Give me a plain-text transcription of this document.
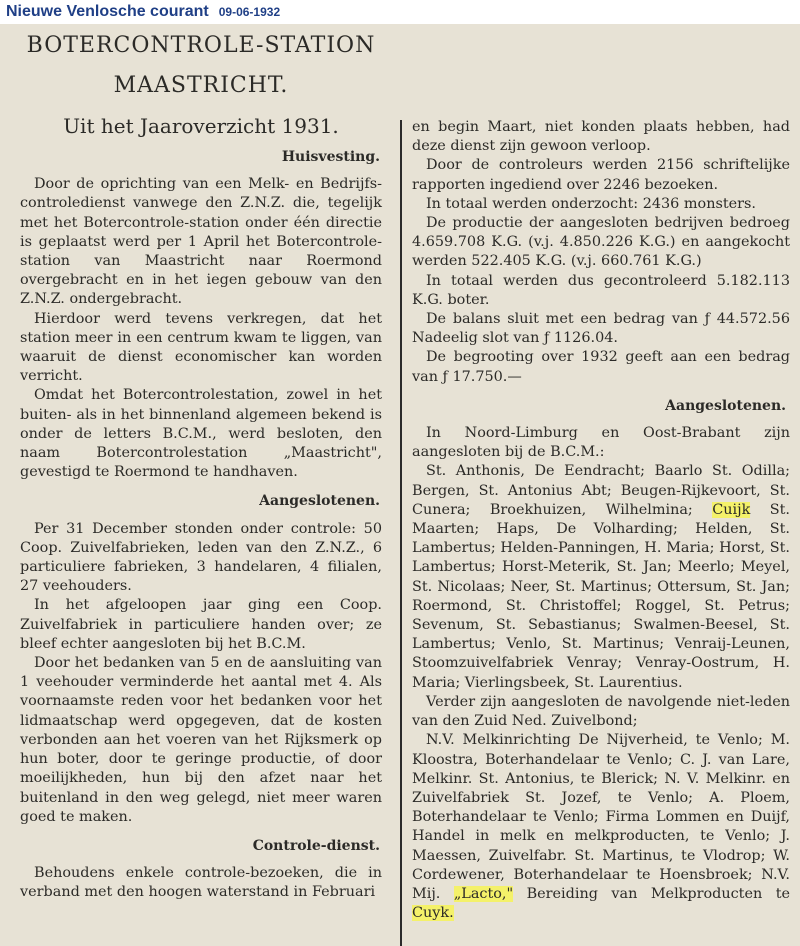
Nieuwe Venlosche courant 09-06-1932
BOTERCONTROLE-STATION
MAASTRICHT.
Uit het Jaaroverzicht 1931.
Huisvesting.

Door de oprichting van een Melk- en Bedrijfs-controledienst vanwege den Z.N.Z. die, tegelijk met het Botercontrole-station onder één directie is geplaatst werd per 1 April het Botercontrole-station van Maastricht naar Roermond overgebracht en in het iegen gebouw van den Z.N.Z. ondergebracht.

Hierdoor werd tevens verkregen, dat het station meer in een centrum kwam te liggen, van waaruit de dienst economischer kan worden verricht.

Omdat het Botercontrolestation, zowel in het buiten- als in het binnenland algemeen bekend is onder de letters B.C.M., werd besloten, den naam Botercontrolestation „Maastricht", gevestigd te Roermond te handhaven.

Aangeslotenen.

Per 31 December stonden onder controle: 50 Coop. Zuivelfabrieken, leden van den Z.N.Z., 6 particuliere fabrieken, 3 handelaren, 4 filialen, 27 veehouders.

In het afgeloopen jaar ging een Coop. Zuivelfabriek in particuliere handen over; ze bleef echter aangesloten bij het B.C.M.

Door het bedanken van 5 en de aansluiting van 1 veehouder verminderde het aantal met 4. Als voornaamste reden voor het bedanken voor het lidmaatschap werd opgegeven, dat de kosten verbonden aan het voeren van het Rijksmerk op hun boter, door te geringe productie, of door moeilijkheden, hun bij den afzet naar het buitenland in den weg gelegd, niet meer waren goed te maken.

Controle-dienst.

Behoudens enkele controle-bezoeken, die in verband met den hoogen waterstand in Februari

en begin Maart, niet konden plaats hebben, had deze dienst zijn gewoon verloop.

Door de controleurs werden 2156 schriftelijke rapporten ingediend over 2246 bezoeken.

In totaal werden onderzocht: 2436 monsters.

De productie der aangesloten bedrijven bedroeg 4.659.708 K.G. (v.j. 4.850.226 K.G.) en aangekocht werden 522.405 K.G. (v.j. 660.761 K.G.)

In totaal werden dus gecontroleerd 5.182.113 K.G. boter.

De balans sluit met een bedrag van ƒ 44.572.56 Nadeelig slot van ƒ 1126.04.

De begrooting over 1932 geeft aan een bedrag van ƒ 17.750.—

Aangeslotenen.

In Noord-Limburg en Oost-Brabant zijn aangesloten bij de B.C.M.:

St. Anthonis, De Eendracht; Baarlo St. Odilla; Bergen, St. Antonius Abt; Beugen-Rijkevoort, St. Cunera; Broekhuizen, Wilhelmina; Cuijk St. Maarten; Haps, De Volharding; Helden, St. Lambertus; Helden-Panningen, H. Maria; Horst, St. Lambertus; Horst-Meterik, St. Jan; Meerlo; Meyel, St. Nicolaas; Neer, St. Martinus; Ottersum, St. Jan; Roermond, St. Christoffel; Roggel, St. Petrus; Sevenum, St. Sebastianus; Swalmen-Beesel, St. Lambertus; Venlo, St. Martinus; Venraij-Leunen, Stoomzuivelfabriek Venray; Venray-Oostrum, H. Maria; Vierlingsbeek, St. Laurentius.

Verder zijn aangesloten de navolgende niet-leden van den Zuid Ned. Zuivelbond;

N.V. Melkinrichting De Nijverheid, te Venlo; M. Kloostra, Boterhandelaar te Venlo; C. J. van Lare, Melkinr. St. Antonius, te Blerick; N. V. Melkinr. en Zuivelfabriek St. Jozef, te Venlo; A. Ploem, Boterhandelaar te Venlo; Firma Lommen en Duijf, Handel in melk en melkproducten, te Venlo; J. Maessen, Zuivelfabr. St. Martinus, te Vlodrop; W. Cordewener, Boterhandelaar te Hoensbroek; N.V. Mij. „Lacto," Bereiding van Melkproducten te Cuyk.
